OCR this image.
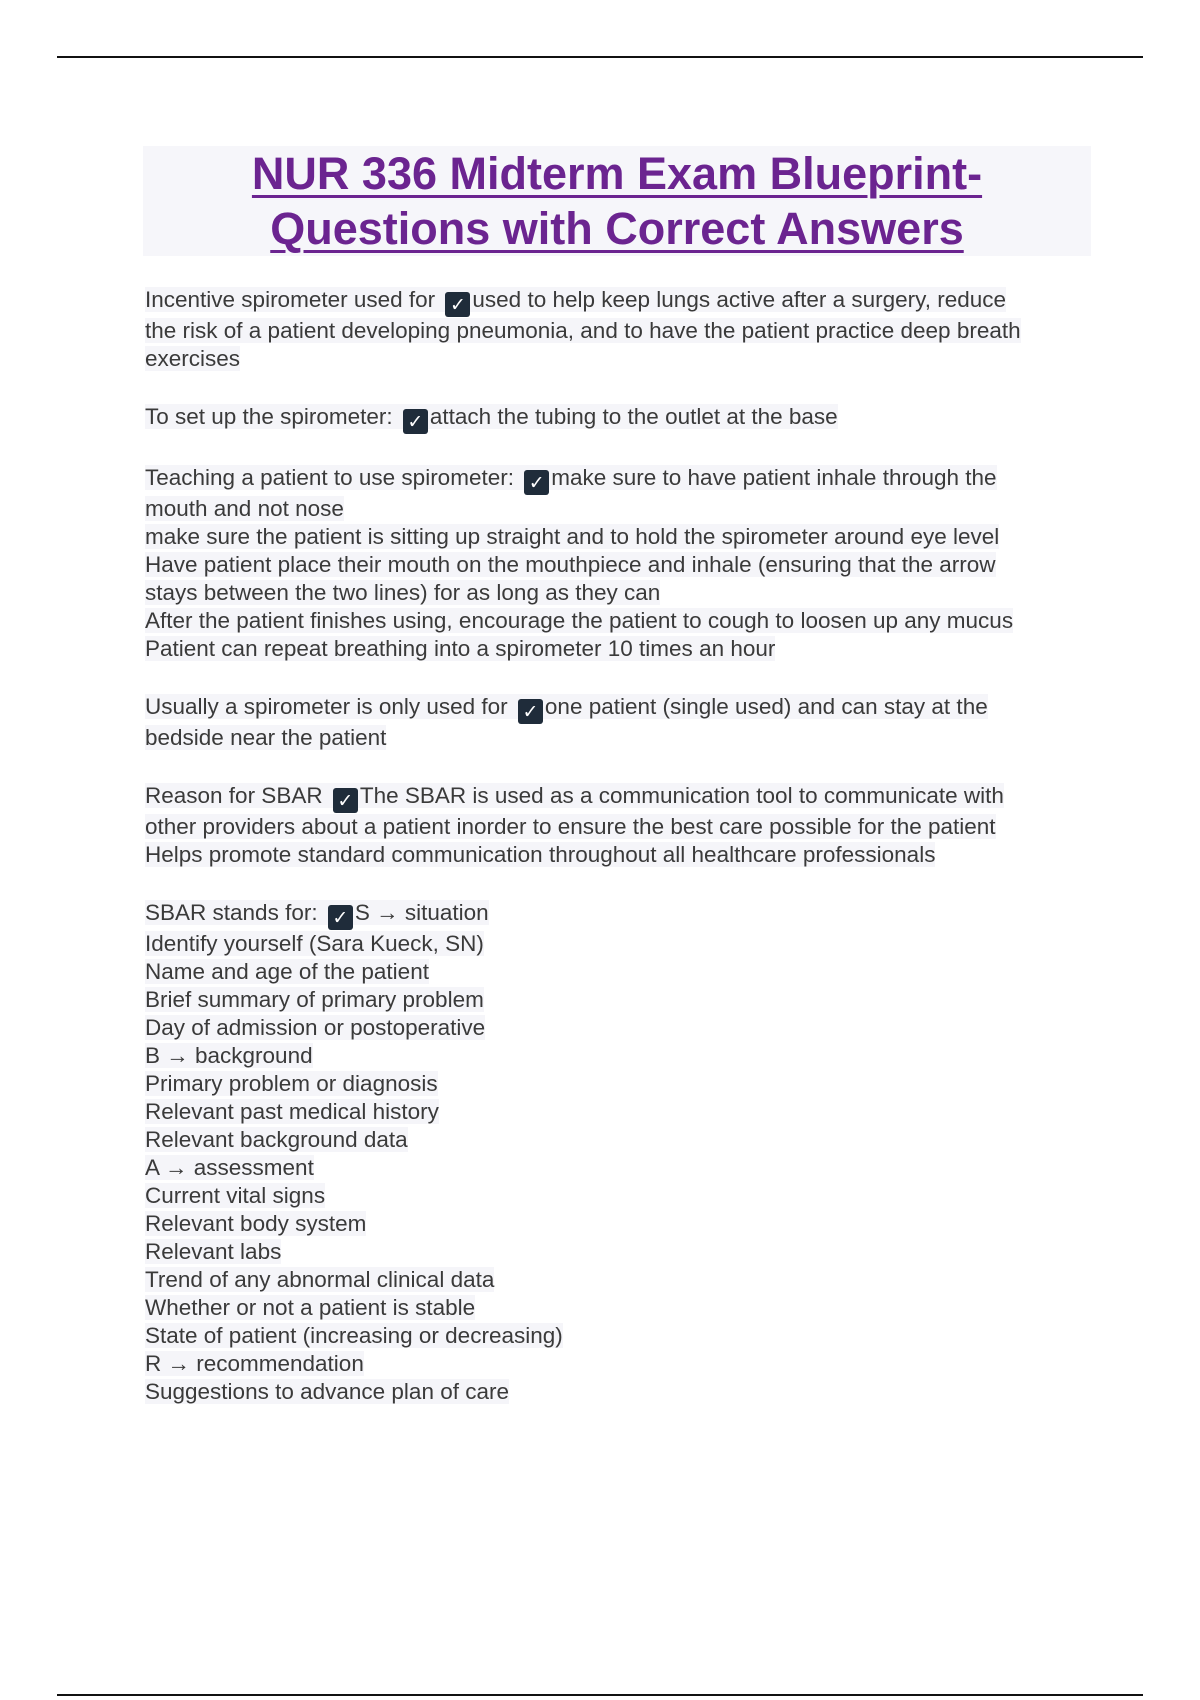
NUR 336 Midterm Exam Blueprint-
Questions with Correct Answers
Incentive spirometer used for ✓ used to help keep lungs active after a surgery, reduce
the risk of a patient developing pneumonia, and to have the patient practice deep breath
exercises
To set up the spirometer: ✓ attach the tubing to the outlet at the base
Teaching a patient to use spirometer: ✓ make sure to have patient inhale through the
mouth and not nose
make sure the patient is sitting up straight and to hold the spirometer around eye level
Have patient place their mouth on the mouthpiece and inhale (ensuring that the arrow
stays between the two lines) for as long as they can
After the patient finishes using, encourage the patient to cough to loosen up any mucus
Patient can repeat breathing into a spirometer 10 times an hour
Usually a spirometer is only used for ✓ one patient (single used) and can stay at the
bedside near the patient
Reason for SBAR ✓ The SBAR is used as a communication tool to communicate with
other providers about a patient inorder to ensure the best care possible for the patient
Helps promote standard communication throughout all healthcare professionals
SBAR stands for: ✓ S → situation
Identify yourself (Sara Kueck, SN)
Name and age of the patient
Brief summary of primary problem
Day of admission or postoperative
B → background
Primary problem or diagnosis
Relevant past medical history
Relevant background data
A → assessment
Current vital signs
Relevant body system
Relevant labs
Trend of any abnormal clinical data
Whether or not a patient is stable
State of patient (increasing or decreasing)
R → recommendation
Suggestions to advance plan of care
